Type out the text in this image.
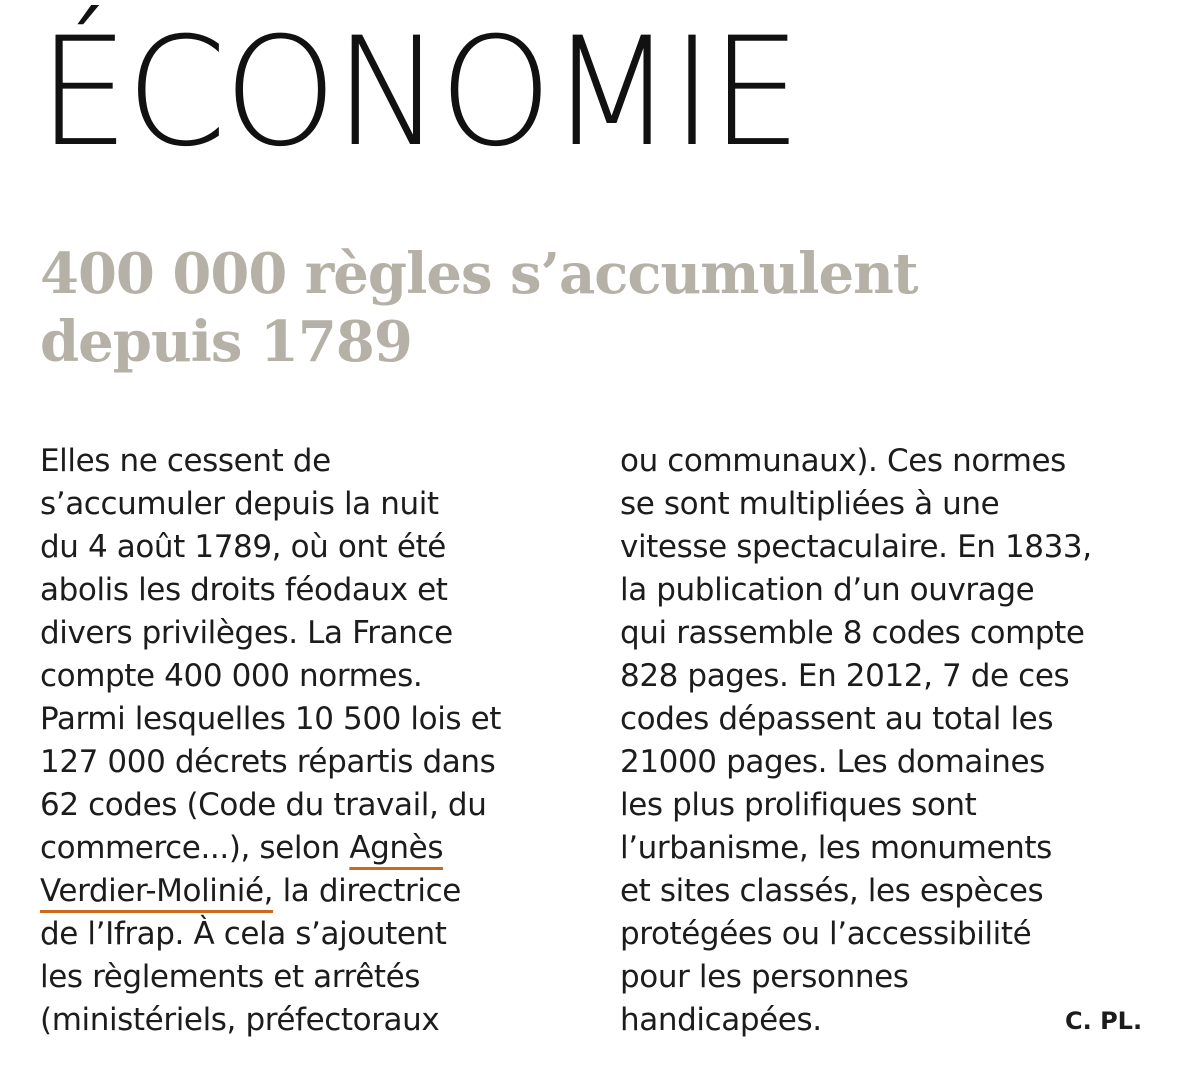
ÉCONOMIE
400 000 règles s’accumulent
depuis 1789
Elles ne cessent de
s’accumuler depuis la nuit
du 4 août 1789, où ont été
abolis les droits féodaux et
divers privilèges. La France
compte 400 000 normes.
Parmi lesquelles 10 500 lois et
127 000 décrets répartis dans
62 codes (Code du travail, du
commerce...), selon Agnès
Verdier-Molinié, la directrice
de l’Ifrap. À cela s’ajoutent
les règlements et arrêtés
(ministériels, préfectoraux
ou communaux). Ces normes
se sont multipliées à une
vitesse spectaculaire. En 1833,
la publication d’un ouvrage
qui rassemble 8 codes compte
828 pages. En 2012, 7 de ces
codes dépassent au total les
21000 pages. Les domaines
les plus prolifiques sont
l’urbanisme, les monuments
et sites classés, les espèces
protégées ou l’accessibilité
pour les personnes
handicapées.	C. PL.
